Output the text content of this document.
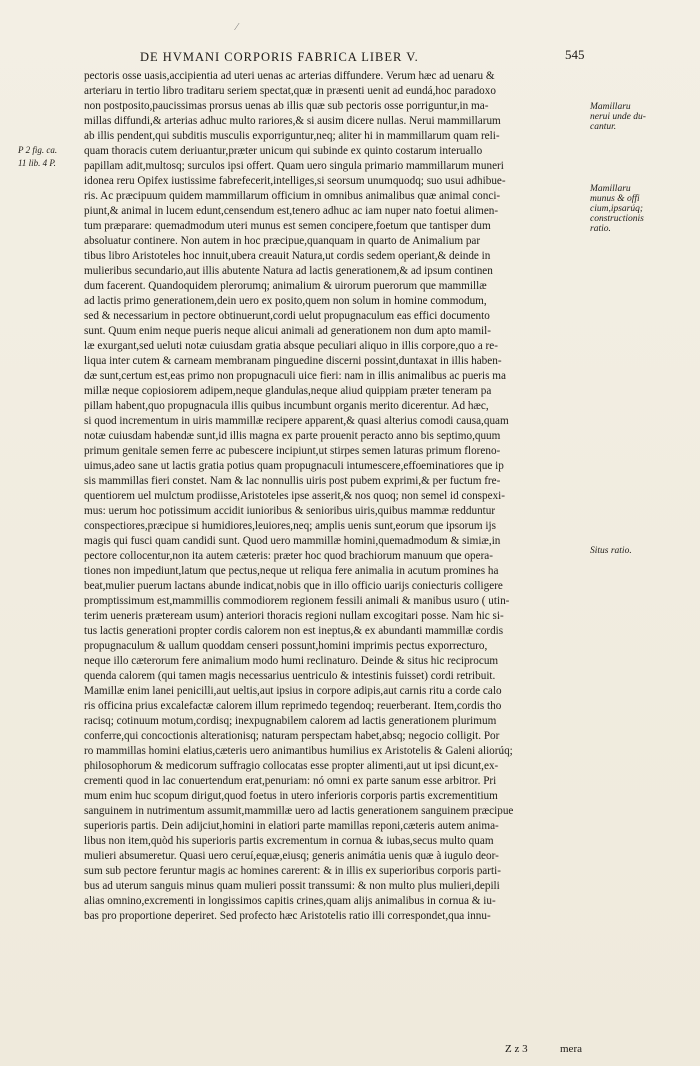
⁄
DE HVMANI CORPORIS FABRICA LIBER V.	545
pectoris osse uasis,accipientia ad uteri uenas ac arterias diffundere. Verum hæc ad uenaru &
arteriaru in tertio libro traditaru seriem spectat,quæ in præsenti uenit ad eundá,hoc paradoxo
non postposito,paucissimas prorsus uenas ab illis quæ sub pectoris osse porriguntur,in ma-
millas diffundi,& arterias adhuc multo rariores,& si ausim dicere nullas. Nerui mammillarum
ab illis pendent,qui subditis musculis exporriguntur,neq; aliter hi in mammillarum quam reli-
quam thoracis cutem deriuantur,præter unicum qui subinde ex quinto costarum interuallo
papillam adit,multosq; surculos ipsi offert. Quam uero singula primario mammillarum muneri
idonea reru Opifex iustissime fabrefecerit,intelliges,si seorsum unumquodq; suo usui adhibue-
ris. Ac præcipuum quidem mammillarum officium in omnibus animalibus quæ animal conci-
piunt,& animal in lucem edunt,censendum est,tenero adhuc ac iam nuper nato foetui alimen-
tum præparare: quemadmodum uteri munus est semen concipere,foetum que tantisper dum
absoluatur continere. Non autem in hoc præcipue,quanquam in quarto de Animalium par
tibus libro Aristoteles hoc innuit,ubera creauit Natura,ut cordis sedem operiant,& deinde in
mulieribus secundario,aut illis abutente Natura ad lactis generationem,& ad ipsum continen
dum facerent. Quandoquidem plerorumq; animalium & uirorum puerorum que mammillæ
ad lactis primo generationem,dein uero ex posito,quem non solum in homine commodum,
sed & necessarium in pectore obtinuerunt,cordi uelut propugnaculum eas effici documento
sunt. Quum enim neque pueris neque alicui animali ad generationem non dum apto mamil-
læ exurgant,sed ueluti notæ cuiusdam gratia absque peculiari aliquo in illis corpore,quo a re-
liqua inter cutem & carneam membranam pinguedine discerni possint,duntaxat in illis haben-
dæ sunt,certum est,eas primo non propugnaculi uice fieri: nam in illis animalibus ac pueris ma
millæ neque copiosiorem adipem,neque glandulas,neque aliud quippiam præter teneram pa
pillam habent,quo propugnacula illis quibus incumbunt organis merito dicerentur. Ad hæc,
si quod incrementum in uiris mammillæ recipere apparent,& quasi alterius comodi causa,quam
notæ cuiusdam habendæ sunt,id illis magna ex parte prouenit peracto anno bis septimo,quum
primum genitale semen ferre ac pubescere incipiunt,ut stirpes semen laturas primum floreno-
uimus,adeo sane ut lactis gratia potius quam propugnaculi intumescere,effoeminatiores que ip
sis mammillas fieri constet. Nam & lac nonnullis uiris post pubem exprimi,& per fuctum fre-
quentiorem uel mulctum prodiisse,Aristoteles ipse asserit,& nos quoq; non semel id conspexi-
mus: uerum hoc potissimum accidit iunioribus & senioribus uiris,quibus mammæ redduntur
conspectiores,præcipue si humidiores,leuiores,neq; amplis uenis sunt,eorum que ipsorum ijs
magis qui fusci quam candidi sunt. Quod uero mammillæ homini,quemadmodum & simiæ,in
pectore collocentur,non ita autem cæteris: præter hoc quod brachiorum manuum que opera-
tiones non impediunt,latum que pectus,neque ut reliqua fere animalia in acutum promines ha
beat,mulier puerum lactans abunde indicat,nobis que in illo officio uarijs coniecturis colligere
promptissimum est,mammillis commodiorem regionem fessili animali & manibus usuro ( utin-
terim ueneris præteream usum) anteriori thoracis regioni nullam excogitari posse. Nam hic si-
tus lactis generationi propter cordis calorem non est ineptus,& ex abundanti mammillæ cordis
propugnaculum & uallum quoddam censeri possunt,homini imprimis pectus exporrecturo,
neque illo cæterorum fere animalium modo humi reclinaturo. Deinde & situs hic reciprocum
quenda calorem (qui tamen magis necessarius uentriculo & intestinis fuisset) cordi retribuit.
Mamillæ enim lanei penicilli,aut ueltis,aut ipsius in corpore adipis,aut carnis ritu a corde calo
ris officina prius excalefactæ calorem illum reprimedo tegendoq; reuerberant. Item,cordis tho
racisq; cotinuum motum,cordisq; inexpugnabilem calorem ad lactis generationem plurimum
conferre,qui concoctionis alterationisq; naturam perspectam habet,absq; negocio colligit. Por
ro mammillas homini elatius,cæteris uero animantibus humilius ex Aristotelis & Galeni aliorúq;
philosophorum & medicorum suffragio collocatas esse propter alimenti,aut ut ipsi dicunt,ex-
crementi quod in lac conuertendum erat,penuriam: nó omni ex parte sanum esse arbitror. Pri
mum enim huc scopum dirigut,quod foetus in utero inferioris corporis partis excrementitium
sanguinem in nutrimentum assumit,mammillæ uero ad lactis generationem sanguinem præcipue
superioris partis. Dein adijciut,homini in elatiori parte mamillas reponi,cæteris autem anima-
libus non item,quòd his superioris partis excrementum in cornua & iubas,secus multo quam
mulieri absumeretur. Quasi uero ceruí,equæ,eiusq; generis animátia uenis quæ à iugulo deor-
sum sub pectore feruntur magis ac homines carerent: & in illis ex superioribus corporis parti-
bus ad uterum sanguis minus quam mulieri possit transsumi: & non multo plus mulieri,depili
alias omnino,excrementi in longissimos capitis crines,quam alijs animalibus in cornua & iu-
bas pro proportione deperiret. Sed profecto hæc Aristotelis ratio illi correspondet,qua innu-
Mamillaru
nerui unde du-
cantur.
Mamillaru
munus & offi
cium,ipsarúq;
constructionis
ratio.
Situs ratio.
P 2 fig. ca.
11 lib. 4 P.
Z z 3	mera
